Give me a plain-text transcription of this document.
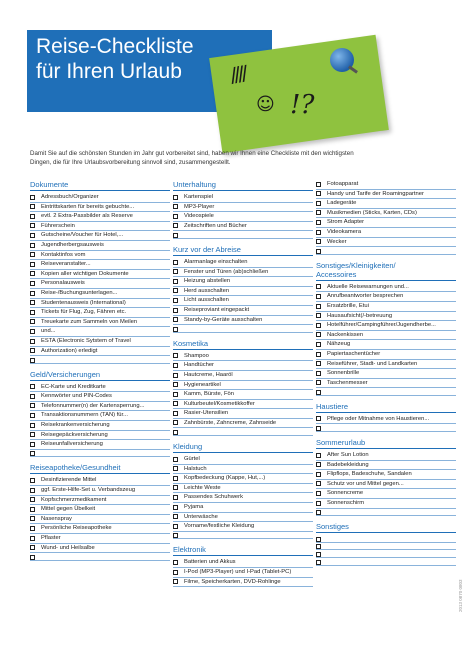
Reise-Checkliste
für Ihren Urlaub	////
☺ !?
Damit Sie auf die schönsten Stunden im Jahr gut vorbereitet sind, haben wir Ihnen eine Checkliste mit den wichtigsten Dingen, die für Ihre Urlaubsvorbereitung sinnvoll sind, zusammengestellt.
Dokumente
Adressbuch/Organizer
Eintrittskarten für bereits gebuchte...
evtl. 2 Extra-Passbilder als Reserve
Führerschein
Gutscheine/Voucher für Hotel,...
Jugendherbergsausweis
Kontaktinfos vom
Reiseveranstalter...
Kopien aller wichtigen Dokumente
Personalausweis
Reise-/Buchungsunterlagen...
Studentenausweis (International)
Tickets für Flug, Zug, Fähren etc.
Treuekarte zum Sammeln von Meilen
und...
ESTA (Electronic Sytstem of Travel
Authorization) erledigt
Geld/Versicherungen
EC-Karte und Kreditkarte
Kennwörter und PIN-Codes
Telefonnummer(n) der Kartensperrung...
Transaktionsnummern (TAN) für...
Reisekrankenversicherung
Reisegepäckversicherung
Reiseunfallversicherung
Reiseapotheke/Gesundheit
Desinfizierende Mittel
ggf. Erste-Hilfe-Set u. Verbandszeug
Kopfschmerzmedikament
Mittel gegen Übelkeit
Nasenspray
Persönliche Reiseapotheke
Pflaster
Wund- und Heilsalbe
Unterhaltung
Kartenspiel
MP3-Player
Videospiele
Zeitschriften und Bücher
Kurz vor der Abreise
Alarmanlage einschalten
Fenster und Türen (ab)schließen
Heizung abstellen
Herd ausschalten
Licht ausschalten
Reiseproviant eingepackt
Standy-by-Geräte ausschalten
Kosmetika
Shampoo
Handtücher
Hautcreme, Haaröl
Hygieneartikel
Kamm, Bürste, Fön
Kulturbeutel/Kosmetikkoffer
Rasier-Utensilien
Zahnbürste, Zahncreme, Zahnseide
Kleidung
Gürtel
Halstuch
Kopfbedeckung (Kappe, Hut,...)
Leichte Weste
Passendes Schuhwerk
Pyjama
Unterwäsche
Vorname/festliche Kleidung
Elektronik
Batterien und Akkus
I-Pod (MP3-Player) und I-Pad (Tablet-PC)
Filme, Speicherkarten, DVD-Rohlinge
Fotoapparat
Handy und Tarife der Roamingpartner
Ladegeräte
Musikmedien (Sticks, Karten, CDs)
Strom Adapter
Videokamera
Wecker
Sonstiges/Kleinigkeiten/
Accessoires
Aktuelle Reisewarnungen und...
Anrufbeantworter besprechen
Ersatzbrille, Etui
Hausaufsicht(/-betreuung
Hotelführer/Campingführer/Jugendherbe...
Nackenkissen
Nähzeug
Papiertaschentücher
Reiseführer, Stadt- und Landkarten
Sonnenbrille
Taschenmesser
Haustiere
Pflege oder Mitnahme von Haustieren...
Sommerurlaub
After Sun Lotion
Badebekleidung
Flipflops, Badeschuhe, Sandalen
Schutz vor und Mittel gegen...
Sonnencreme
Sonnenschirm
Sonstiges
2013 0870 0803
